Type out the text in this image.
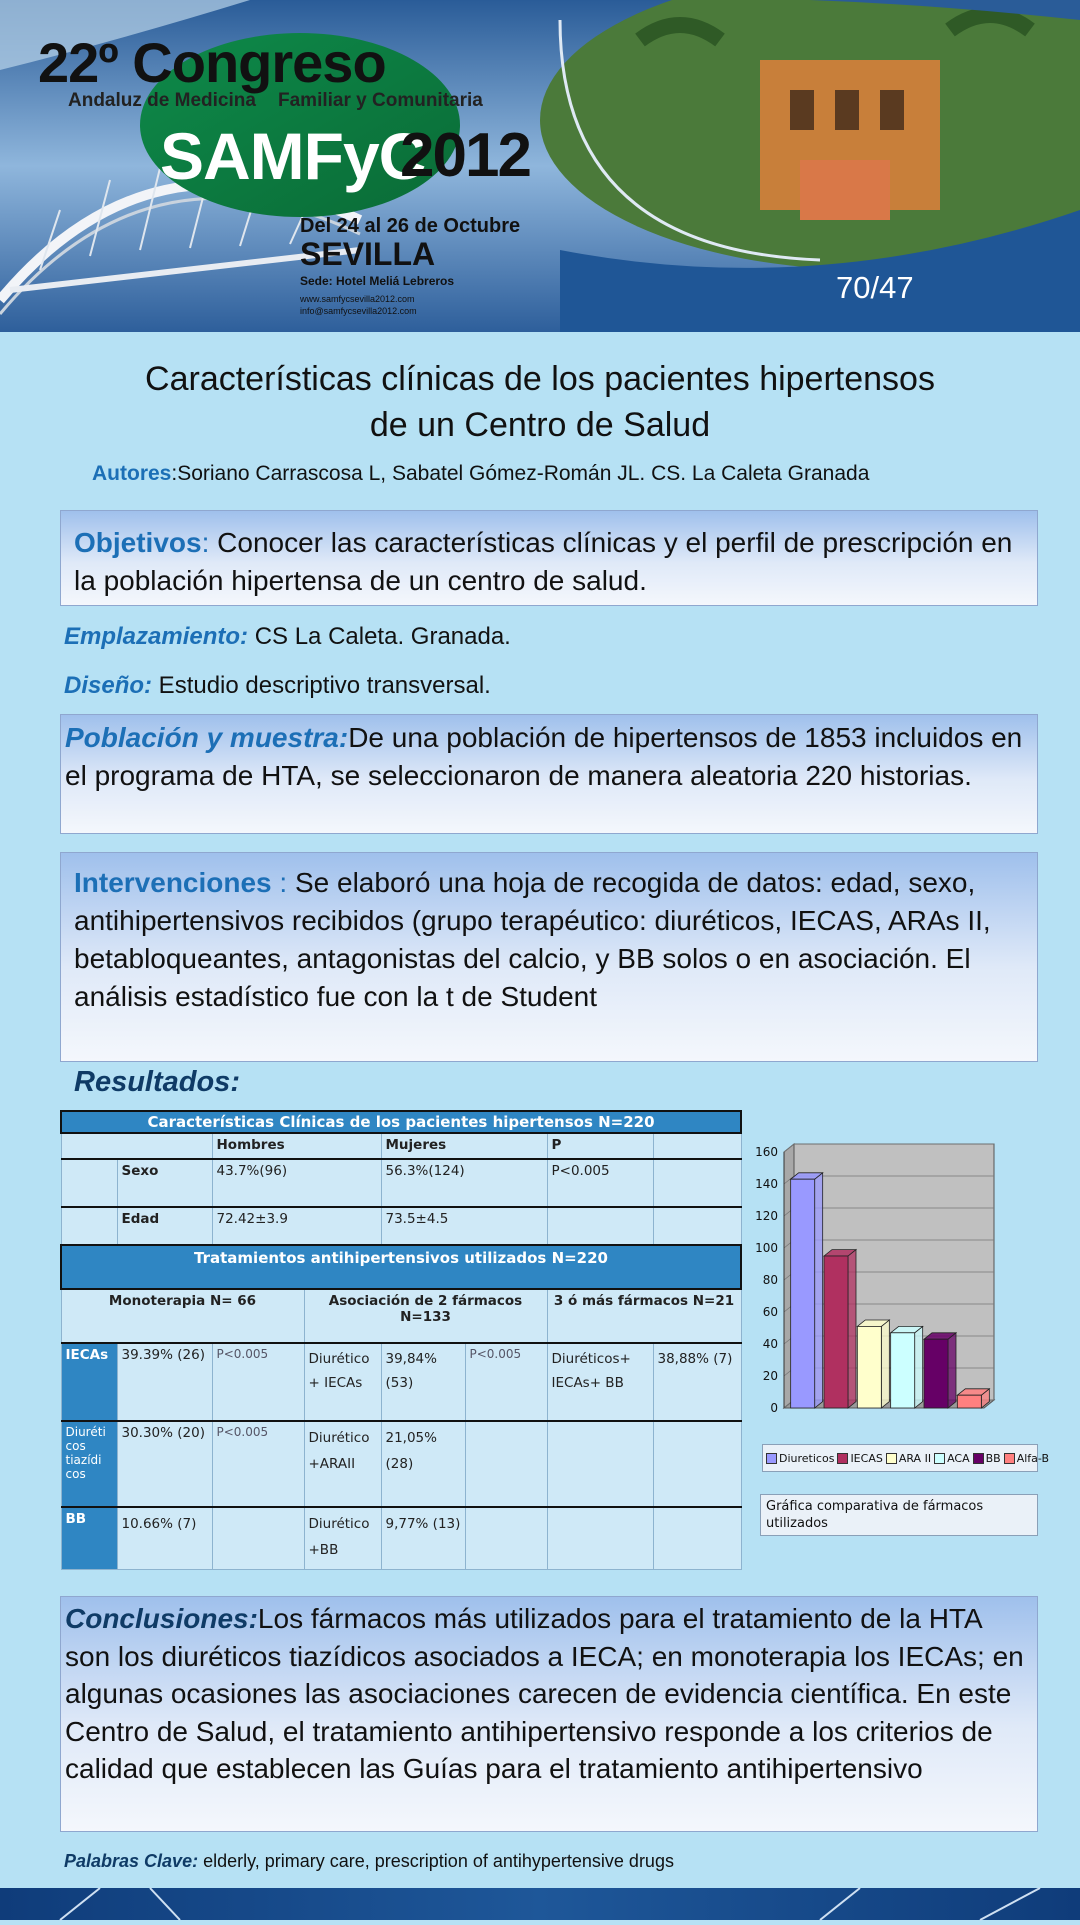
22º Congreso
Andaluz de Medicina Familiar y Comunitaria
SAMFyC
2012
Del 24 al 26 de Octubre
SEVILLA
Sede: Hotel Meliá Lebreros
www.samfycsevilla2012.com
info@samfycsevilla2012.com
70/47
Características clínicas de los pacientes hipertensos
de un Centro de Salud
Autores:Soriano Carrascosa L, Sabatel Gómez-Román JL. CS. La Caleta Granada
Objetivos: Conocer las características clínicas y el perfil de prescripción en la población hipertensa de un centro de salud.
Emplazamiento: CS La Caleta. Granada.
Diseño: Estudio descriptivo transversal.
Población y muestra:De una población de hipertensos de 1853 incluidos en el programa de HTA, se seleccionaron de manera aleatoria 220 historias.
Intervenciones : Se elaboró una hoja de recogida de datos: edad, sexo, antihipertensivos recibidos (grupo terapéutico: diuréticos, IECAS, ARAs II, betabloqueantes, antagonistas del calcio, y BB solos o en asociación. El análisis estadístico fue con la t de Student
Resultados:
Características Clínicas de los pacientes hipertensos N=220							
		Hombres		Mujeres		P	
	Sexo	43.7%(96)		56.3%(124)		P<0.005	
	Edad	72.42±3.9		73.5±4.5			
Tratamientos antihipertensivos utilizados N=220							
Monoterapia N= 66			Asociación de 2 fármacos N=133			3 ó más fármacos N=21	
IECAs	39.39% (26)	P<0.005	Diurético + IECAs	39,84% (53)	P<0.005	Diuréticos+ IECAs+ BB	38,88% (7)
Diuréti cos tiazídi cos	30.30% (20)	P<0.005	Diurético +ARAII	21,05% (28)			
BB	10.66% (7)		Diurético +BB	9,77% (13)			
0
20
40
60
80
100
120
140
160
Diureticos IECAS ARA II ACA BB Alfa-B
Gráfica comparativa de fármacos utilizados
Conclusiones:Los fármacos más utilizados para el tratamiento de la HTA son los diuréticos tiazídicos asociados a IECA; en monoterapia los IECAs; en algunas ocasiones las asociaciones carecen de evidencia científica. En este Centro de Salud, el tratamiento antihipertensivo responde a los criterios de calidad que establecen las Guías para el tratamiento antihipertensivo
Palabras Clave: elderly, primary care, prescription of antihypertensive drugs
